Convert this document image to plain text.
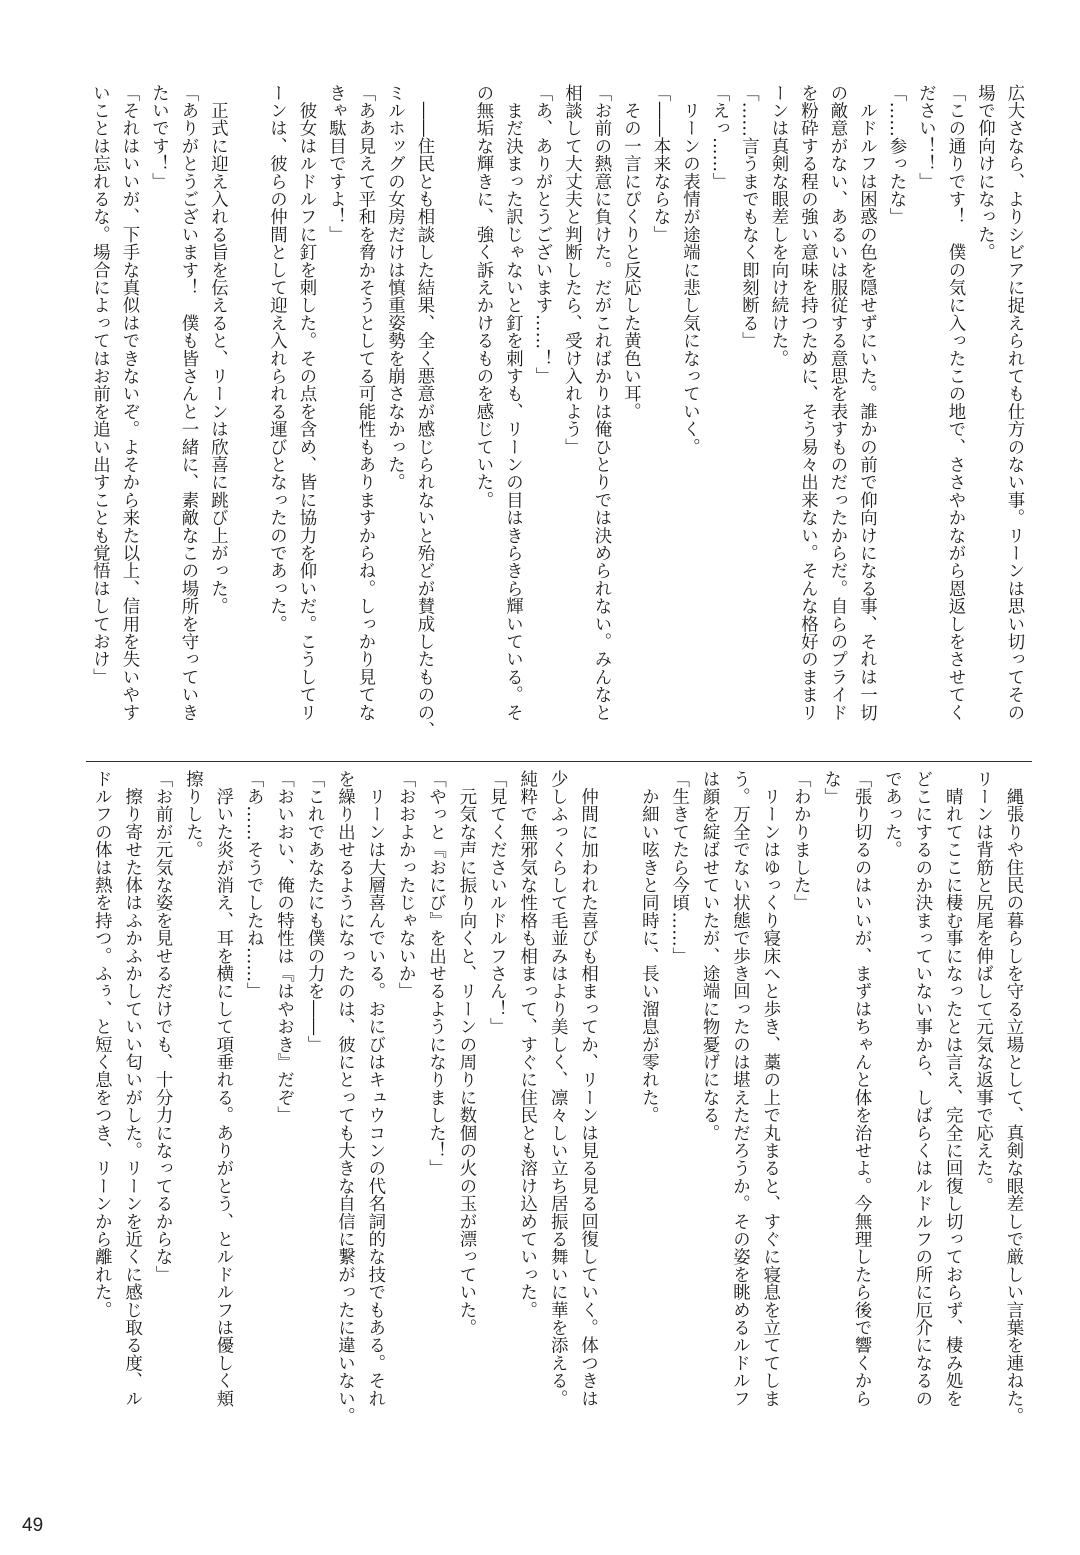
広大さなら、よりシビアに捉えられても仕方のない事。リーンは思い切ってその
場で仰向けになった。
「この通りです！　僕の気に入ったこの地で、ささやかながら恩返しをさせてく
ださい！！」
「……参ったな」
　ルドルフは困惑の色を隠せずにいた。誰かの前で仰向けになる事、それは一切
の敵意がない、あるいは服従する意思を表すものだったからだ。自らのプライド
を粉砕する程の強い意味を持つために、そう易々出来ない。そんな格好のままリ
ーンは真剣な眼差しを向け続けた。
「……言うまでもなく即刻断る」
「えっ……」
　リーンの表情が途端に悲し気になっていく。
「――本来ならな」
　その一言にぴくりと反応した黄色い耳。
「お前の熱意に負けた。だがこればかりは俺ひとりでは決められない。みんなと
相談して大丈夫と判断したら、受け入れよう」
「あ、ありがとうございます……！」
　まだ決まった訳じゃないと釘を刺すも、リーンの目はきらきら輝いている。そ
の無垢な輝きに、強く訴えかけるものを感じていた。
　――住民とも相談した結果、全く悪意が感じられないと殆どが賛成したものの、
ミルホッグの女房だけは慎重姿勢を崩さなかった。
「ああ見えて平和を脅かそうとしてる可能性もありますからね。しっかり見てな
きゃ駄目ですよ！」
　彼女はルドルフに釘を刺した。その点を含め、皆に協力を仰いだ。こうしてリ
ーンは、彼らの仲間として迎え入れられる運びとなったのであった。
　正式に迎え入れる旨を伝えると、リーンは欣喜に跳び上がった。
「ありがとうございます！　僕も皆さんと一緒に、素敵なこの場所を守っていき
たいです！」
「それはいいが、下手な真似はできないぞ。よそから来た以上、信用を失いやす
いことは忘れるな。場合によってはお前を追い出すことも覚悟はしておけ」
　縄張りや住民の暮らしを守る立場として、真剣な眼差しで厳しい言葉を連ねた。
リーンは背筋と尻尾を伸ばして元気な返事で応えた。
　晴れてここに棲む事になったとは言え、完全に回復し切っておらず、棲み処を
どこにするのか決まっていない事から、しばらくはルドルフの所に厄介になるの
であった。
「張り切るのはいいが、まずはちゃんと体を治せよ。今無理したら後で響くから
な」
「わかりました」
　リーンはゆっくり寝床へと歩き、藁の上で丸まると、すぐに寝息を立ててしま
う。万全でない状態で歩き回ったのは堪えただろうか。その姿を眺めるルドルフ
は顔を綻ばせていたが、途端に物憂げになる。
「生きてたら今頃……」
　か細い呟きと同時に、長い溜息が零れた。
　仲間に加われた喜びも相まってか、リーンは見る見る回復していく。体つきは
少しふっくらして毛並みはより美しく、凛々しい立ち居振る舞いに華を添える。
純粋で無邪気な性格も相まって、すぐに住民とも溶け込めていった。
「見てくださいルドルフさん！」
　元気な声に振り向くと、リーンの周りに数個の火の玉が漂っていた。
「やっと『おにび』を出せるようになりました！」
「おおよかったじゃないか」
　リーンは大層喜んでいる。おにびはキュウコンの代名詞的な技でもある。それ
を繰り出せるようになったのは、彼にとっても大きな自信に繋がったに違いない。
「これであなたにも僕の力を――」
「おいおい、俺の特性は『はやおき』だぞ」
「あ……そうでしたね……」
　浮いた炎が消え、耳を横にして項垂れる。ありがとう、とルドルフは優しく頬
擦りした。
「お前が元気な姿を見せるだけでも、十分力になってるからな」
　擦り寄せた体はふかふかしていい匂いがした。リーンを近くに感じ取る度、ル
ドルフの体は熱を持つ。ふぅ、と短く息をつき、リーンから離れた。
49
